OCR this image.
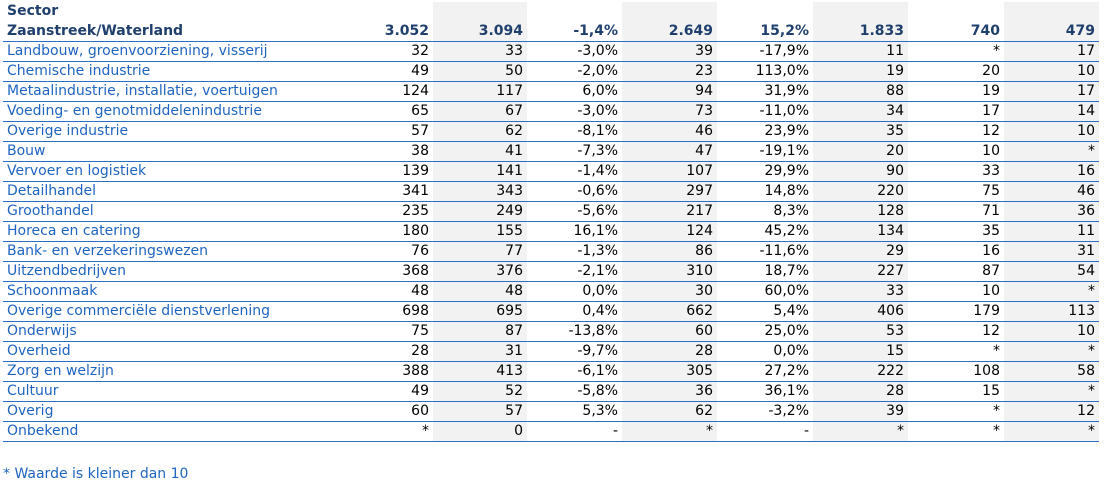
Sector								
Zaanstreek/Waterland	3.052	3.094	-1,4%	2.649	15,2%	1.833	740	479
Landbouw, groenvoorziening, visserij	32	33	-3,0%	39	-17,9%	11	*	17
Chemische industrie	49	50	-2,0%	23	113,0%	19	20	10
Metaalindustrie, installatie, voertuigen	124	117	6,0%	94	31,9%	88	19	17
Voeding- en genotmiddelenindustrie	65	67	-3,0%	73	-11,0%	34	17	14
Overige industrie	57	62	-8,1%	46	23,9%	35	12	10
Bouw	38	41	-7,3%	47	-19,1%	20	10	*
Vervoer en logistiek	139	141	-1,4%	107	29,9%	90	33	16
Detailhandel	341	343	-0,6%	297	14,8%	220	75	46
Groothandel	235	249	-5,6%	217	8,3%	128	71	36
Horeca en catering	180	155	16,1%	124	45,2%	134	35	11
Bank- en verzekeringswezen	76	77	-1,3%	86	-11,6%	29	16	31
Uitzendbedrijven	368	376	-2,1%	310	18,7%	227	87	54
Schoonmaak	48	48	0,0%	30	60,0%	33	10	*
Overige commerciële dienstverlening	698	695	0,4%	662	5,4%	406	179	113
Onderwijs	75	87	-13,8%	60	25,0%	53	12	10
Overheid	28	31	-9,7%	28	0,0%	15	*	*
Zorg en welzijn	388	413	-6,1%	305	27,2%	222	108	58
Cultuur	49	52	-5,8%	36	36,1%	28	15	*
Overig	60	57	5,3%	62	-3,2%	39	*	12
Onbekend	*	0	-	*	-	*	*	*
* Waarde is kleiner dan 10
